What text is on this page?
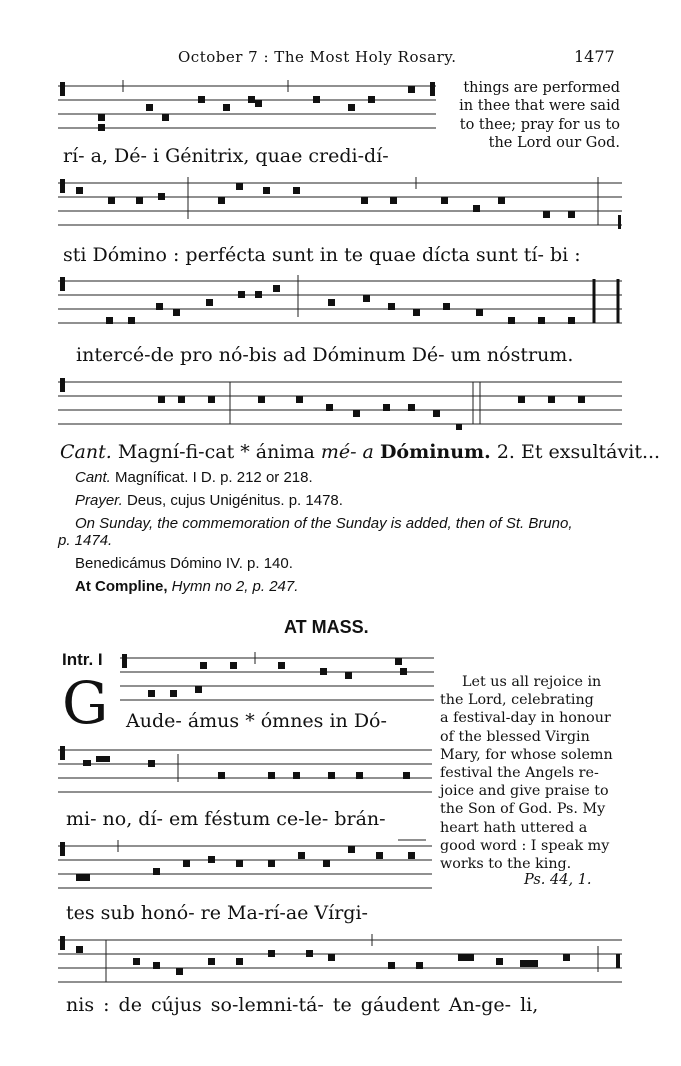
October 7 : The Most Holy Rosary.	1477
things are performed
in thee that were said
to thee; pray for us to
the Lord our God.
rí- a, Dé- i Génitrix, quae credi-dí-
sti Dómino : perfécta sunt in te quae dícta sunt tí- bi :
intercé-de pro nó-bis ad Dóminum Dé- um nóstrum.
Cant. Magní-fi-cat * ánima mé- a Dóminum. 2. Et exsultávit...
Cant. Magníficat. I D. p. 212 or 218.
Prayer. Deus, cujus Unigénitus. p. 1478.
On Sunday, the commemoration of the Sunday is added, then of St. Bruno,
p. 1474.
Benedicámus Dómino IV. p. 140.
At Compline, Hymn no 2, p. 247.
AT MASS.
Intr. I
G Aude- ámus * ómnes in Dó-
Let us all rejoice in
the Lord, celebrating
a festival-day in honour
of the blessed Virgin
Mary, for whose solemn
festival the Angels re-
joice and give praise to
the Son of God. Ps. My
heart hath uttered a
good word : I speak my
works to the king.
Ps. 44, 1.
mi- no, dí- em féstum ce-le- brán-
tes sub honó- re Ma-rí-ae Vírgi-
nis : de cújus so-lemni-tá- te gáudent An-ge- li,
